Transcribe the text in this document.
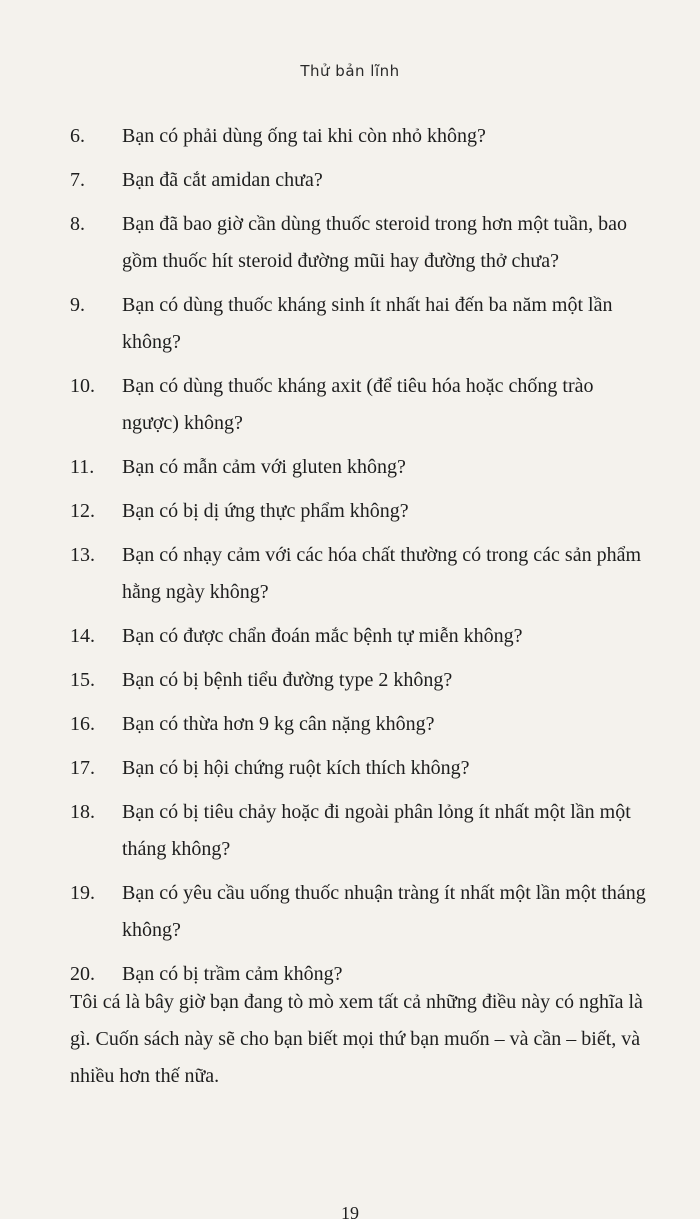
Thử bản lĩnh
6.	Bạn có phải dùng ống tai khi còn nhỏ không?
7.	Bạn đã cắt amidan chưa?
8.	Bạn đã bao giờ cần dùng thuốc steroid trong hơn một tuần, bao gồm thuốc hít steroid đường mũi hay đường thở chưa?
9.	Bạn có dùng thuốc kháng sinh ít nhất hai đến ba năm một lần không?
10.	Bạn có dùng thuốc kháng axit (để tiêu hóa hoặc chống trào ngược) không?
11.	Bạn có mẫn cảm với gluten không?
12.	Bạn có bị dị ứng thực phẩm không?
13.	Bạn có nhạy cảm với các hóa chất thường có trong các sản phẩm hằng ngày không?
14.	Bạn có được chẩn đoán mắc bệnh tự miễn không?
15.	Bạn có bị bệnh tiểu đường type 2 không?
16.	Bạn có thừa hơn 9 kg cân nặng không?
17.	Bạn có bị hội chứng ruột kích thích không?
18.	Bạn có bị tiêu chảy hoặc đi ngoài phân lỏng ít nhất một lần một tháng không?
19.	Bạn có yêu cầu uống thuốc nhuận tràng ít nhất một lần một tháng không?
20.	Bạn có bị trầm cảm không?

Tôi cá là bây giờ bạn đang tò mò xem tất cả những điều này có nghĩa là gì. Cuốn sách này sẽ cho bạn biết mọi thứ bạn muốn – và cần – biết, và nhiều hơn thế nữa.

19
